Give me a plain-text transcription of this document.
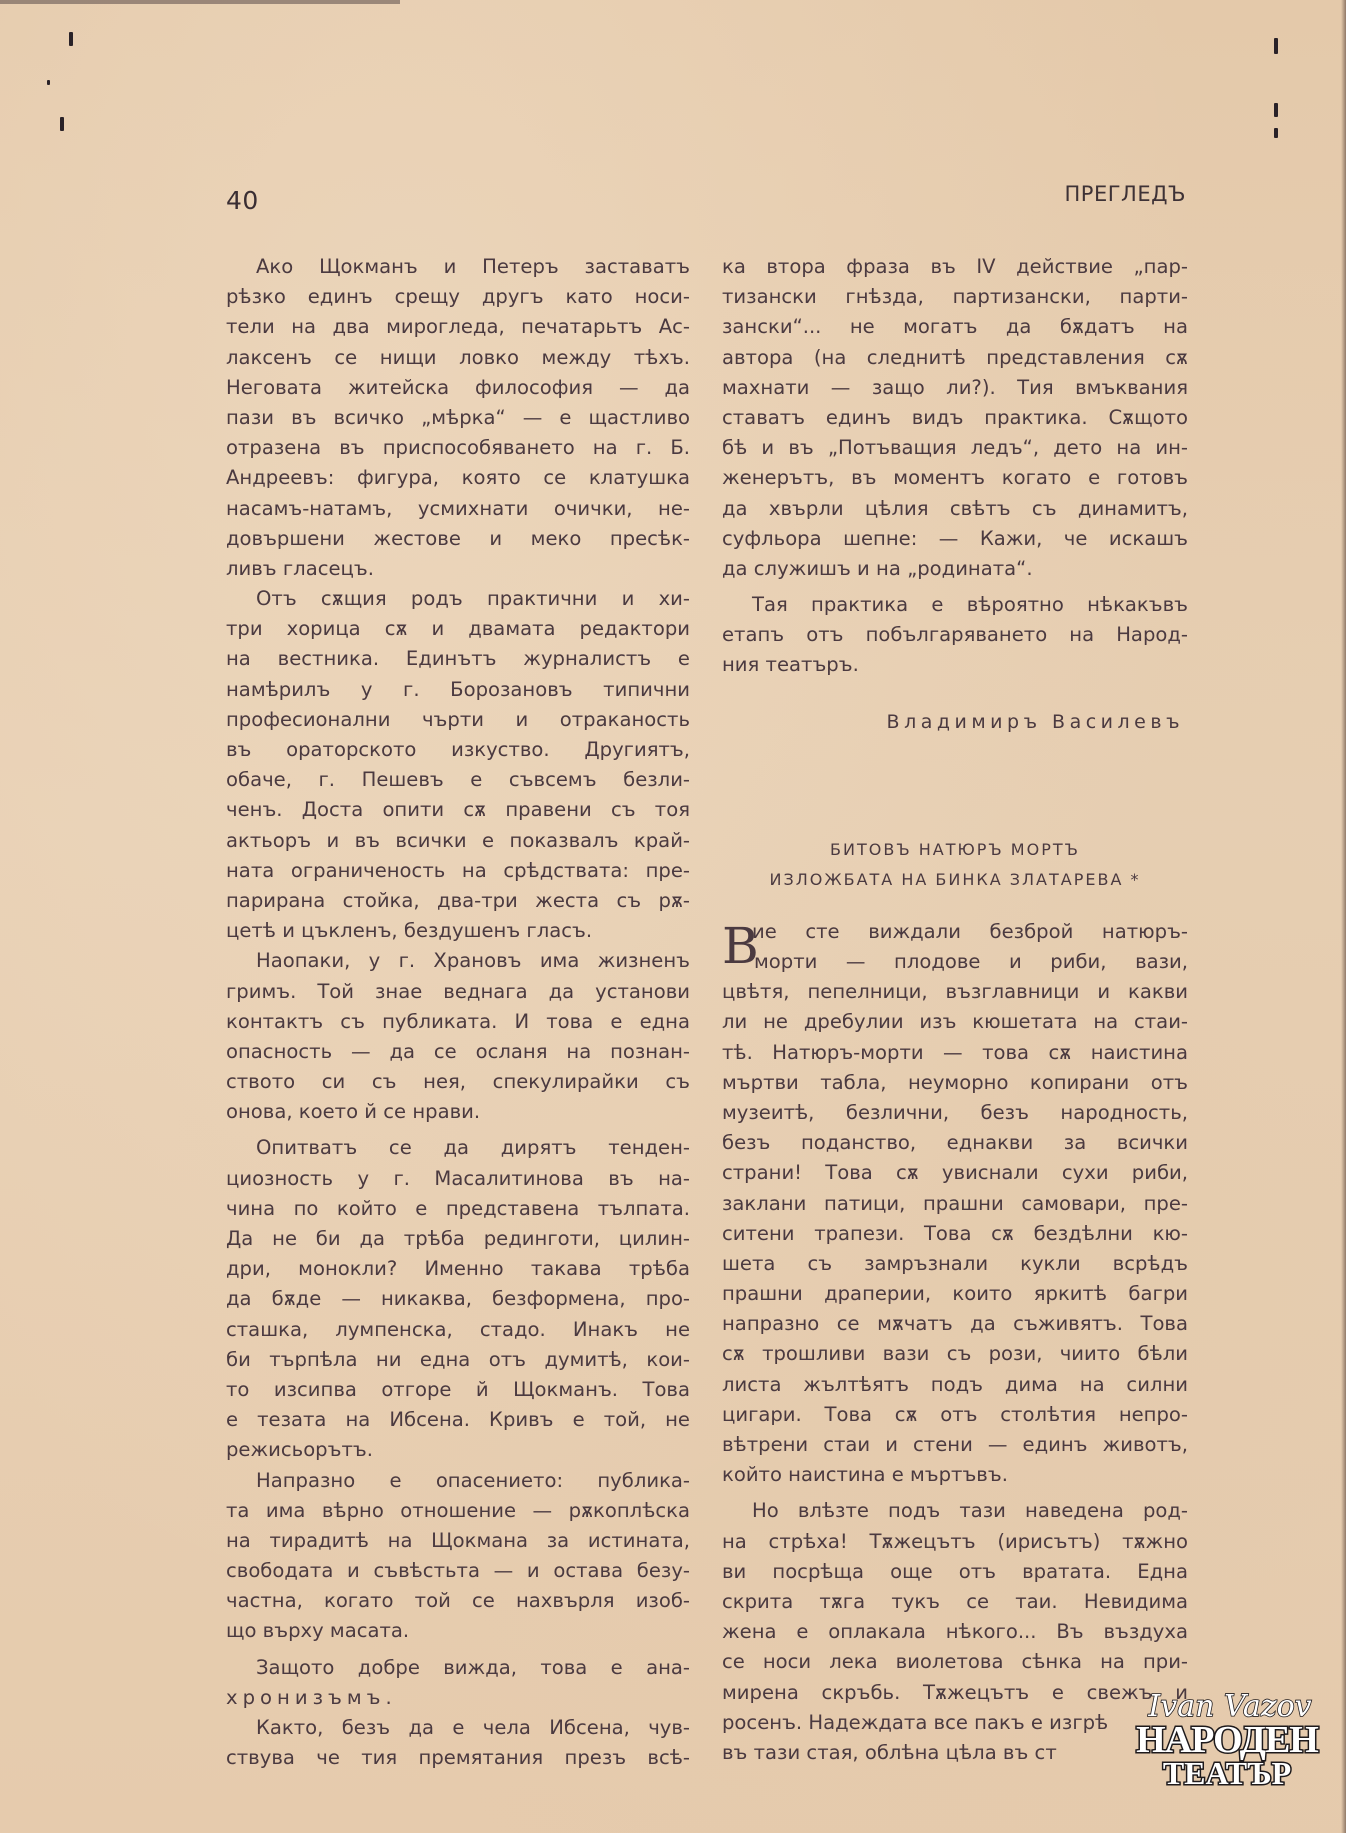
40	ПРЕГЛЕДЪ
Ако Щокманъ и Петеръ заставатъ
рѣзко единъ срещу другъ като носи-
тели на два мирогледа, печатарьтъ Ас-
лаксенъ се нищи ловко между тѣхъ.
Неговата житейска философия — да
пази въ всичко „мѣрка“ — е щастливо
отразена въ приспособяването на г. Б.
Андреевъ: фигура, която се клатушка
насамъ-натамъ, усмихнати очички, не-
довършени жестове и меко пресѣк-
ливъ гласецъ.
Отъ сѫщия родъ практични и хи-
три хорица сѫ и двамата редактори
на вестника. Единътъ журналистъ е
намѣрилъ у г. Борозановъ типични
професионални чърти и отраканость
въ ораторското изкуство. Другиятъ,
обаче, г. Пешевъ е съвсемъ безли-
ченъ. Доста опити сѫ правени съ тоя
актьоръ и въ всички е показвалъ край-
ната ограниченость на срѣдствата: пре-
парирана стойка, два-три жеста съ рѫ-
цетѣ и цъкленъ, бездушенъ гласъ.
Наопаки, у г. Храновъ има жизненъ
гримъ. Той знае веднага да установи
контактъ съ публиката. И това е една
опасность — да се осланя на познан-
ството си съ нея, спекулирайки съ
онова, което й се нрави.
Опитватъ се да дирятъ тенден-
циозность у г. Масалитинова въ на-
чина по който е представена тълпата.
Да не би да трѣба рединготи, цилин-
дри, монокли? Именно такава трѣба
да бѫде — никаква, безформена, про-
сташка, лумпенска, стадо. Инакъ не
би търпѣла ни една отъ думитѣ, кои-
то изсипва отгоре й Щокманъ. Това
е тезата на Ибсена. Кривъ е той, не
режисьорътъ.
Напразно е опасението: публика-
та има вѣрно отношение — рѫкоплѣска
на тирадитѣ на Щокмана за истината,
свободата и съвѣстьта — и остава безу-
частна, когато той се нахвърля изоб-
що върху масата.
Защото добре вижда, това е ана-
хронизъмъ.
Както, безъ да е чела Ибсена, чув-
ствува че тия премятания презъ всѣ-
ка втора фраза въ IV действие „пар-
тизански гнѣзда, партизански, парти-
зански“... не могатъ да бѫдатъ на
автора (на следнитѣ представления сѫ
махнати — защо ли?). Тия вмъквания
ставатъ единъ видъ практика. Сѫщото
бѣ и въ „Потъващия ледъ“, дето на ин-
женерътъ, въ моментъ когато е готовъ
да хвърли цѣлия свѣтъ съ динамитъ,
суфльора шепне: — Кажи, че искашъ
да служишъ и на „родината“.
Тая практика е вѣроятно нѣкакъвъ
етапъ отъ побългаряването на Народ-
ния театъръ.
Владимиръ Василевъ
БИТОВЪ НАТЮРЪ МОРТЪ
ИЗЛОЖБАТА НА БИНКА ЗЛАТАРЕВА *
В
ие сте виждали безброй натюръ-
морти — плодове и риби, вази,
цвѣтя, пепелници, възглавници и какви
ли не дребулии изъ кюшетата на стаи-
тѣ. Натюръ-морти — това сѫ наистина
мъртви табла, неуморно копирани отъ
музеитѣ, безлични, безъ народность,
безъ поданство, еднакви за всички
страни! Това сѫ увиснали сухи риби,
заклани патици, прашни самовари, пре-
ситени трапези. Това сѫ бездѣлни кю-
шета съ замръзнали кукли всрѣдъ
прашни драперии, които яркитѣ багри
напразно се мѫчатъ да съживятъ. Това
сѫ трошливи вази съ рози, чиито бѣли
листа жълтѣятъ подъ дима на силни
цигари. Това сѫ отъ столѣтия непро-
вѣтрени стаи и стени — единъ животъ,
който наистина е мъртъвъ.
Но влѣзте подъ тази наведена род-
на стрѣха! Тѫжецътъ (ирисътъ) тѫжно
ви посрѣща още отъ вратата. Една
скрита тѫга тукъ се таи. Невидима
жена е оплакала нѣкого... Въ въздуха
се носи лека виолетова сѣнка на при-
мирена скръбь. Тѫжецътъ е свежъ и
росенъ. Надеждата все пакъ е изгрѣ
въ тази стая, облѣна цѣла въ ст
Ivan Vazov
НАРОДЕН
ТЕАТЪР
